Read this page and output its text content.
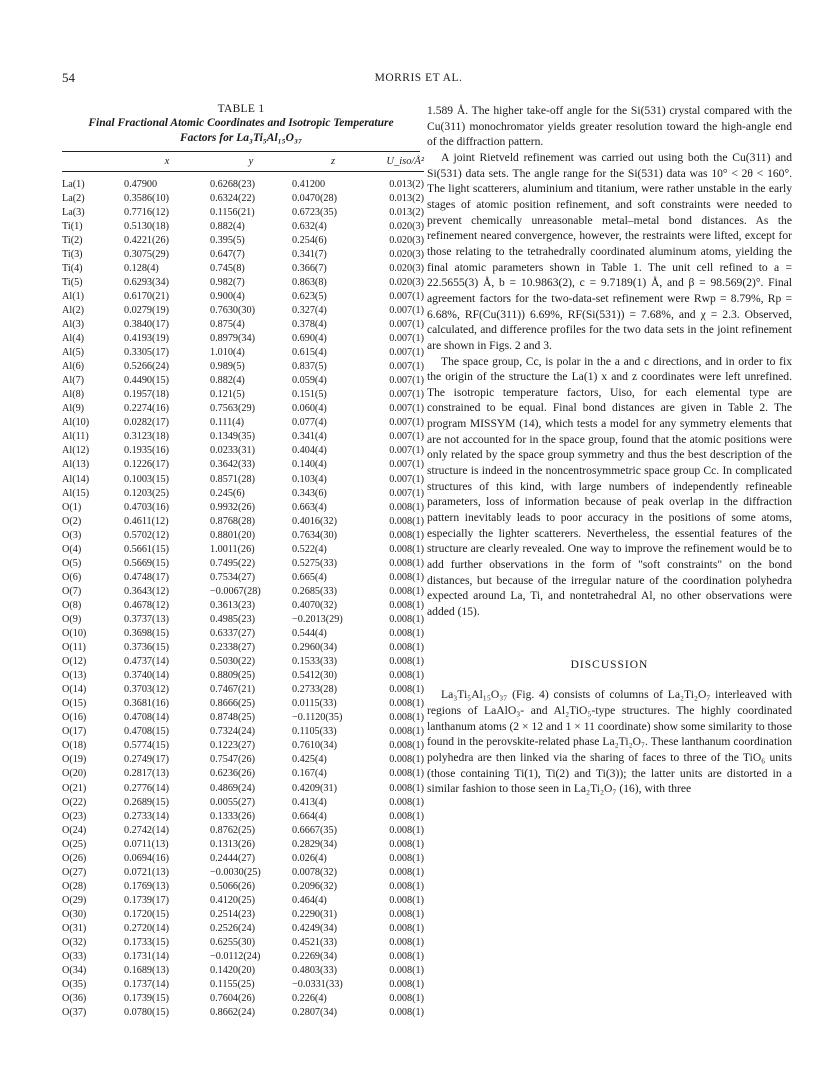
54	MORRIS ET AL.
TABLE 1
Final Fractional Atomic Coordinates and Isotropic Temperature
Factors for La₃Ti₅Al₁₅O₃₇
	x	y	z	U_iso/Å²

La(1)	0.47900	0.6268(23)	0.41200	0.013(2)
La(2)	0.3586(10)	0.6324(22)	0.0470(28)	0.013(2)
La(3)	0.7716(12)	0.1156(21)	0.6723(35)	0.013(2)
Ti(1)	0.5130(18)	0.882(4)	0.632(4)	0.020(3)
Ti(2)	0.4221(26)	0.395(5)	0.254(6)	0.020(3)
Ti(3)	0.3075(29)	0.647(7)	0.341(7)	0.020(3)
Ti(4)	0.128(4)	0.745(8)	0.366(7)	0.020(3)
Ti(5)	0.6293(34)	0.982(7)	0.863(8)	0.020(3)
Al(1)	0.6170(21)	0.900(4)	0.623(5)	0.007(1)
Al(2)	0.0279(19)	0.7630(30)	0.327(4)	0.007(1)
Al(3)	0.3840(17)	0.875(4)	0.378(4)	0.007(1)
Al(4)	0.4193(19)	0.8979(34)	0.690(4)	0.007(1)
Al(5)	0.3305(17)	1.010(4)	0.615(4)	0.007(1)
Al(6)	0.5266(24)	0.989(5)	0.837(5)	0.007(1)
Al(7)	0.4490(15)	0.882(4)	0.059(4)	0.007(1)
Al(8)	0.1957(18)	0.121(5)	0.151(5)	0.007(1)
Al(9)	0.2274(16)	0.7563(29)	0.060(4)	0.007(1)
Al(10)	0.0282(17)	0.111(4)	0.077(4)	0.007(1)
Al(11)	0.3123(18)	0.1349(35)	0.341(4)	0.007(1)
Al(12)	0.1935(16)	0.0233(31)	0.404(4)	0.007(1)
Al(13)	0.1226(17)	0.3642(33)	0.140(4)	0.007(1)
Al(14)	0.1003(15)	0.8571(28)	0.103(4)	0.007(1)
Al(15)	0.1203(25)	0.245(6)	0.343(6)	0.007(1)
O(1)	0.4703(16)	0.9932(26)	0.663(4)	0.008(1)
O(2)	0.4611(12)	0.8768(28)	0.4016(32)	0.008(1)
O(3)	0.5702(12)	0.8801(20)	0.7634(30)	0.008(1)
O(4)	0.5661(15)	1.0011(26)	0.522(4)	0.008(1)
O(5)	0.5669(15)	0.7495(22)	0.5275(33)	0.008(1)
O(6)	0.4748(17)	0.7534(27)	0.665(4)	0.008(1)
O(7)	0.3643(12)	−0.0067(28)	0.2685(33)	0.008(1)
O(8)	0.4678(12)	0.3613(23)	0.4070(32)	0.008(1)
O(9)	0.3737(13)	0.4985(23)	−0.2013(29)	0.008(1)
O(10)	0.3698(15)	0.6337(27)	0.544(4)	0.008(1)
O(11)	0.3736(15)	0.2338(27)	0.2960(34)	0.008(1)
O(12)	0.4737(14)	0.5030(22)	0.1533(33)	0.008(1)
O(13)	0.3740(14)	0.8809(25)	0.5412(30)	0.008(1)
O(14)	0.3703(12)	0.7467(21)	0.2733(28)	0.008(1)
O(15)	0.3681(16)	0.8666(25)	0.0115(33)	0.008(1)
O(16)	0.4708(14)	0.8748(25)	−0.1120(35)	0.008(1)
O(17)	0.4708(15)	0.7324(24)	0.1105(33)	0.008(1)
O(18)	0.5774(15)	0.1223(27)	0.7610(34)	0.008(1)
O(19)	0.2749(17)	0.7547(26)	0.425(4)	0.008(1)
O(20)	0.2817(13)	0.6236(26)	0.167(4)	0.008(1)
O(21)	0.2776(14)	0.4869(24)	0.4209(31)	0.008(1)
O(22)	0.2689(15)	0.0055(27)	0.413(4)	0.008(1)
O(23)	0.2733(14)	0.1333(26)	0.664(4)	0.008(1)
O(24)	0.2742(14)	0.8762(25)	0.6667(35)	0.008(1)
O(25)	0.0711(13)	0.1313(26)	0.2829(34)	0.008(1)
O(26)	0.0694(16)	0.2444(27)	0.026(4)	0.008(1)
O(27)	0.0721(13)	−0.0030(25)	0.0078(32)	0.008(1)
O(28)	0.1769(13)	0.5066(26)	0.2096(32)	0.008(1)
O(29)	0.1739(17)	0.4120(25)	0.464(4)	0.008(1)
O(30)	0.1720(15)	0.2514(23)	0.2290(31)	0.008(1)
O(31)	0.2720(14)	0.2526(24)	0.4249(34)	0.008(1)
O(32)	0.1733(15)	0.6255(30)	0.4521(33)	0.008(1)
O(33)	0.1731(14)	−0.0112(24)	0.2269(34)	0.008(1)
O(34)	0.1689(13)	0.1420(20)	0.4803(33)	0.008(1)
O(35)	0.1737(14)	0.1155(25)	−0.0331(33)	0.008(1)
O(36)	0.1739(15)	0.7604(26)	0.226(4)	0.008(1)
O(37)	0.0780(15)	0.8662(24)	0.2807(34)	0.008(1)

1.589 Å. The higher take-off angle for the Si(531) crystal compared with the Cu(311) monochromator yields greater resolution toward the high-angle end of the diffraction pattern.

A joint Rietveld refinement was carried out using both the Cu(311) and Si(531) data sets. The angle range for the Si(531) data was 10° < 2θ < 160°. The light scatterers, aluminium and titanium, were rather unstable in the early stages of atomic position refinement, and soft constraints were needed to prevent chemically unreasonable metal–metal bond distances. As the refinement neared convergence, however, the restraints were lifted, except for those relating to the tetrahedrally coordinated aluminum atoms, yielding the final atomic parameters shown in Table 1. The unit cell refined to a = 22.5655(3) Å, b = 10.9863(2), c = 9.7189(1) Å, and β = 98.569(2)°. Final agreement factors for the two-data-set refinement were Rwp = 8.79%, Rp = 6.68%, RF(Cu(311)) 6.69%, RF(Si(531)) = 7.68%, and χ = 2.3. Observed, calculated, and difference profiles for the two data sets in the joint refinement are shown in Figs. 2 and 3.

The space group, Cc, is polar in the a and c directions, and in order to fix the origin of the structure the La(1) x and z coordinates were left unrefined. The isotropic temperature factors, Uiso, for each elemental type are constrained to be equal. Final bond distances are given in Table 2. The program MISSYM (14), which tests a model for any symmetry elements that are not accounted for in the space group, found that the atomic positions were only related by the space group symmetry and thus the best description of the structure is indeed in the noncentrosymmetric space group Cc. In complicated structures of this kind, with large numbers of independently refineable parameters, loss of information because of peak overlap in the diffraction pattern inevitably leads to poor accuracy in the positions of some atoms, especially the lighter scatterers. Nevertheless, the essential features of the structure are clearly revealed. One way to improve the refinement would be to add further observations in the form of "soft constraints" on the bond distances, but because of the irregular nature of the coordination polyhedra expected around La, Ti, and nontetrahedral Al, no other observations were added (15).

DISCUSSION

La₃Ti₅Al₁₅O₃₇ (Fig. 4) consists of columns of La₂Ti₂O₇ interleaved with regions of LaAlO₃- and Al₂TiO₅-type structures. The highly coordinated lanthanum atoms (2 × 12 and 1 × 11 coordinate) show some similarity to those found in the perovskite-related phase La₂Ti₂O₇. These lanthanum coordination polyhedra are then linked via the sharing of faces to three of the TiO₆ units (those containing Ti(1), Ti(2) and Ti(3)); the latter units are distorted in a similar fashion to those seen in La₂Ti₂O₇ (16), with three
